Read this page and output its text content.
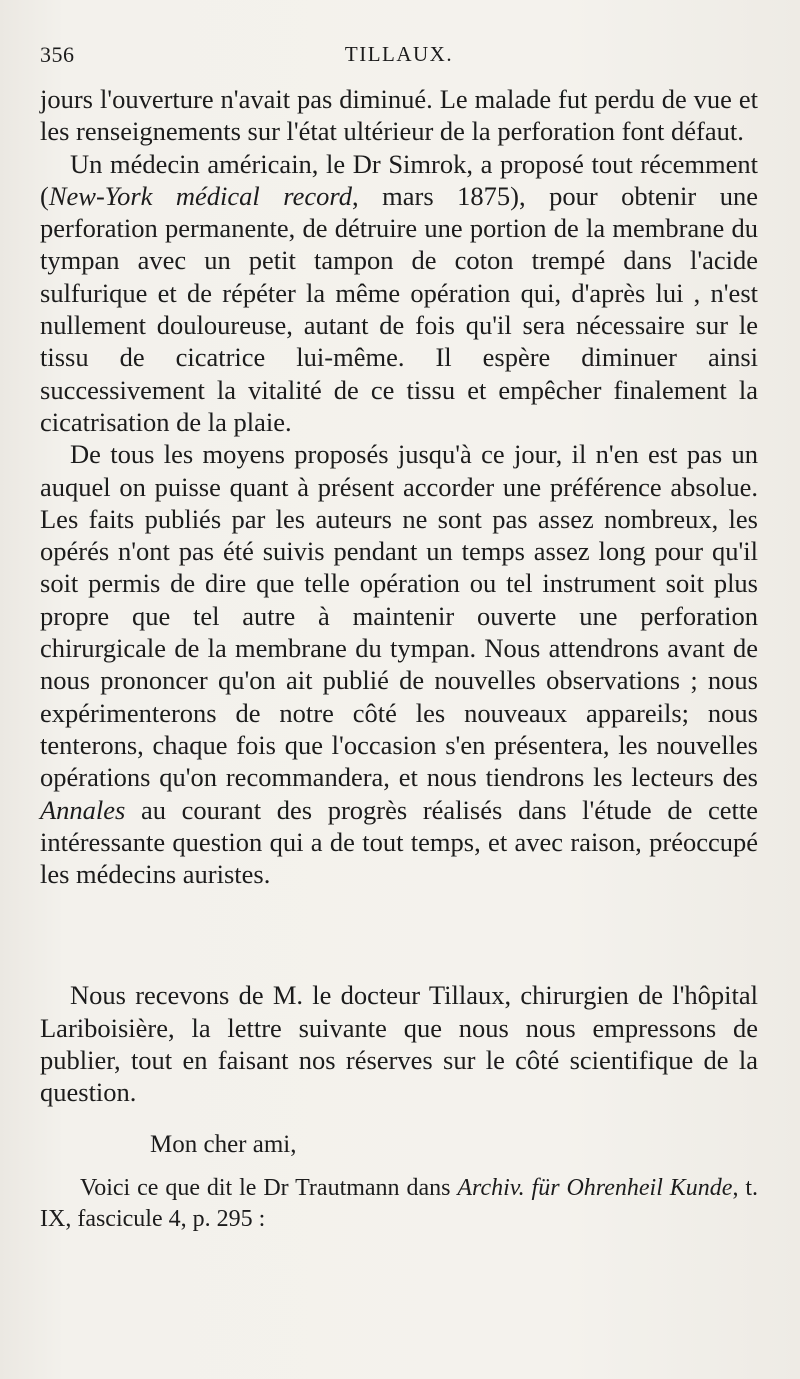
356	TILLAUX.

jours l'ouverture n'avait pas diminué. Le malade fut perdu de vue et les renseignements sur l'état ultérieur de la perforation font défaut.

Un médecin américain, le Dr Simrok, a proposé tout récemment (New-York médical record, mars 1875), pour obtenir une perforation permanente, de détruire une portion de la membrane du tympan avec un petit tampon de coton trempé dans l'acide sulfurique et de répéter la même opération qui, d'après lui , n'est nullement douloureuse, autant de fois qu'il sera nécessaire sur le tissu de cicatrice lui-même. Il espère diminuer ainsi successivement la vitalité de ce tissu et empêcher finalement la cicatrisation de la plaie.

De tous les moyens proposés jusqu'à ce jour, il n'en est pas un auquel on puisse quant à présent accorder une préférence absolue. Les faits publiés par les auteurs ne sont pas assez nombreux, les opérés n'ont pas été suivis pendant un temps assez long pour qu'il soit permis de dire que telle opération ou tel instrument soit plus propre que tel autre à maintenir ouverte une perforation chirurgicale de la membrane du tympan. Nous attendrons avant de nous prononcer qu'on ait publié de nouvelles observations ; nous expérimenterons de notre côté les nouveaux appareils; nous tenterons, chaque fois que l'occasion s'en présentera, les nouvelles opérations qu'on recommandera, et nous tiendrons les lecteurs des Annales au courant des progrès réalisés dans l'étude de cette intéressante question qui a de tout temps, et avec raison, préoccupé les médecins auristes.

Nous recevons de M. le docteur Tillaux, chirurgien de l'hôpital Lariboisière, la lettre suivante que nous nous empressons de publier, tout en faisant nos réserves sur le côté scientifique de la question.

Mon cher ami,

Voici ce que dit le Dr Trautmann dans Archiv. für Ohrenheil Kunde, t. IX, fascicule 4, p. 295 :
